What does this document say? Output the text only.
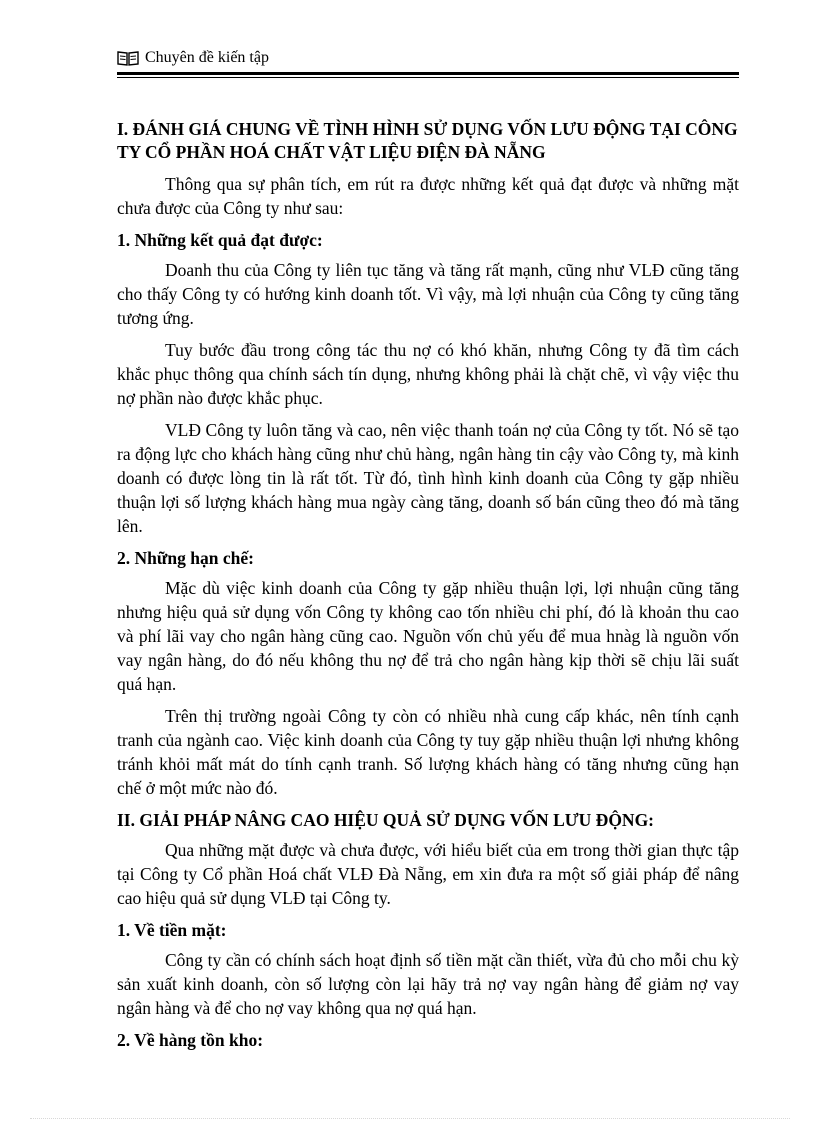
Chuyên đề kiến tập
I. ĐÁNH GIÁ CHUNG VỀ TÌNH HÌNH SỬ DỤNG VỐN LƯU ĐỘNG TẠI CÔNG TY CỔ PHẦN HOÁ CHẤT VẬT LIỆU ĐIỆN ĐÀ NẴNG
Thông qua sự phân tích, em rút ra được những kết quả đạt được và những mặt chưa được của Công ty như sau:
1. Những kết quả đạt được:
Doanh thu của Công ty liên tục tăng và tăng rất mạnh, cũng như VLĐ cũng tăng cho thấy Công ty có hướng kinh doanh tốt. Vì vậy, mà lợi nhuận của Công ty cũng tăng tương ứng.
Tuy bước đầu trong công tác thu nợ có khó khăn, nhưng Công ty đã tìm cách khắc phục thông qua chính sách tín dụng, nhưng không phải là chặt chẽ, vì vậy việc thu nợ phần nào được khắc phục.
VLĐ Công ty luôn tăng và cao, nên việc thanh toán nợ của Công ty tốt. Nó sẽ tạo ra động lực cho khách hàng cũng như chủ hàng, ngân hàng tin cậy vào Công ty, mà kinh doanh có được lòng tin là rất tốt. Từ đó, tình hình kinh doanh của Công ty gặp nhiều thuận lợi số lượng khách hàng mua ngày càng tăng, doanh số bán cũng theo đó mà tăng lên.
2. Những hạn chế:
Mặc dù việc kinh doanh của Công ty gặp nhiều thuận lợi, lợi nhuận cũng tăng nhưng hiệu quả sử dụng vốn Công ty không cao tốn nhiều chi phí, đó là khoản thu cao và phí lãi vay cho ngân hàng cũng cao. Nguồn vốn chủ yếu để mua hnàg là nguồn vốn vay ngân hàng, do đó nếu không thu nợ để trả cho ngân hàng kịp thời sẽ chịu lãi suất quá hạn.
Trên thị trường ngoài Công ty còn có nhiều nhà cung cấp khác, nên tính cạnh tranh của ngành cao. Việc kinh doanh của Công ty tuy gặp nhiều thuận lợi nhưng không tránh khỏi mất mát do tính cạnh tranh. Số lượng khách hàng có tăng nhưng cũng hạn chế ở một mức nào đó.
II. GIẢI PHÁP NÂNG CAO HIỆU QUẢ SỬ DỤNG VỐN LƯU ĐỘNG:
Qua những mặt được và chưa được, với hiểu biết của em trong thời gian thực tập tại Công ty Cổ phần Hoá chất VLĐ Đà Nẵng, em xin đưa ra một số giải pháp để nâng cao hiệu quả sử dụng VLĐ tại Công ty.
1. Về tiền mặt:
Công ty cần có chính sách hoạt định số tiền mặt cần thiết, vừa đủ cho mỗi chu kỳ sản xuất kinh doanh, còn số lượng còn lại hãy trả nợ vay ngân hàng để giảm nợ vay ngân hàng và để cho nợ vay không qua nợ quá hạn.
2. Về hàng tồn kho:
